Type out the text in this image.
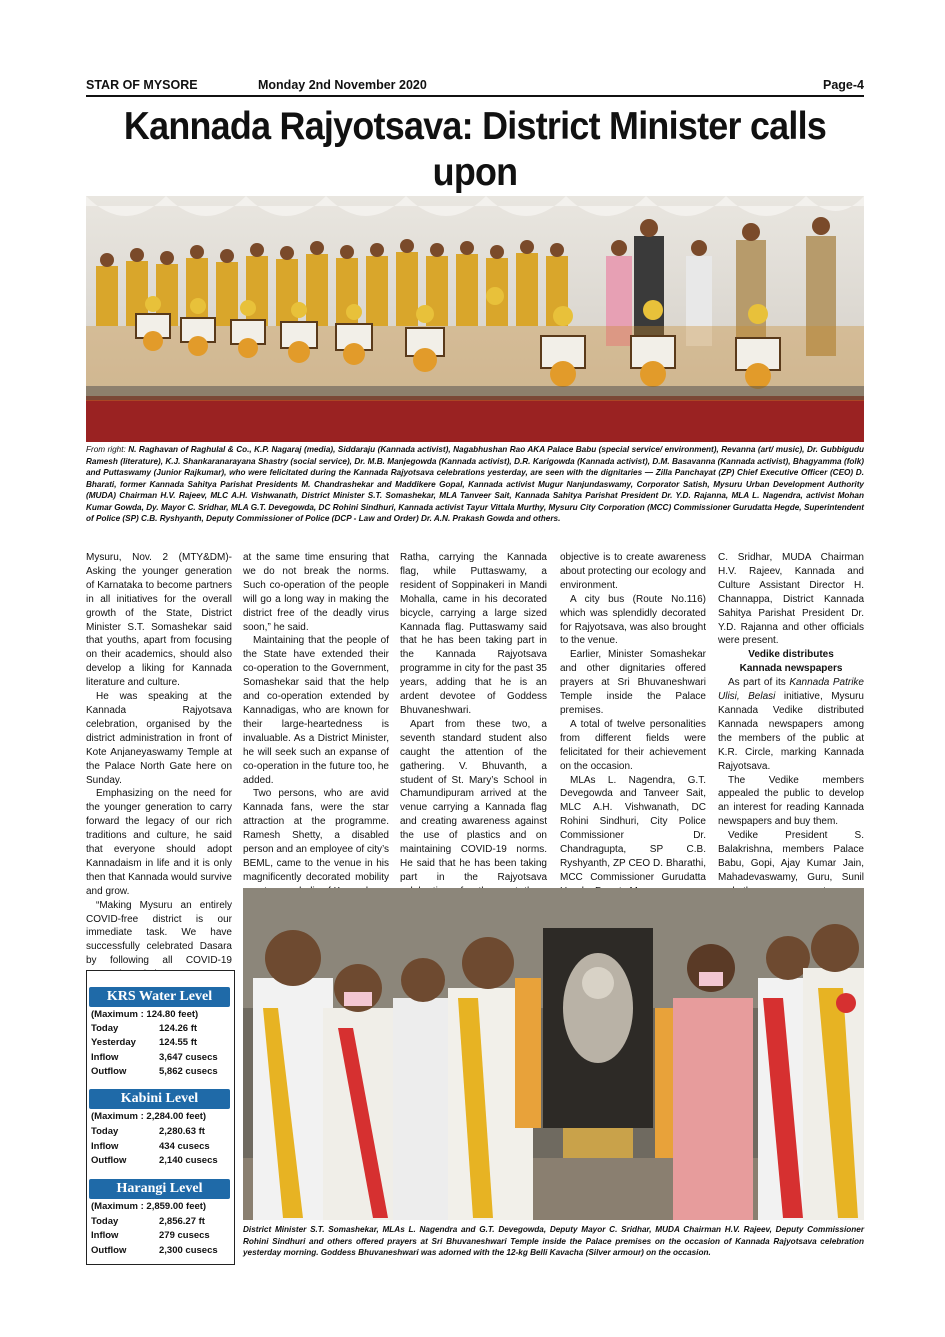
STAR OF MYSORE	Monday 2nd November 2020	Page-4
Kannada Rajyotsava: District Minister calls upon
From right: N. Raghavan of Raghulal & Co., K.P. Nagaraj (media), Siddaraju (Kannada activist), Nagabhushan Rao AKA Palace Babu (special service/ environment), Revanna (art/ music), Dr. Gubbigudu Ramesh (literature), K.J. Shankaranarayana Shastry (social service), Dr. M.B. Manjegowda (Kannada activist), D.R. Karigowda (Kannada activist), D.M. Basavanna (Kannada activist), Bhagyamma (folk) and Puttaswamy (Junior Rajkumar), who were felicitated during the Kannada Rajyotsava celebrations yesterday, are seen with the dignitaries — Zilla Panchayat (ZP) Chief Executive Officer (CEO) D. Bharati, former Kannada Sahitya Parishat Presidents M. Chandrashekar and Maddikere Gopal, Kannada activist Mugur Nanjundaswamy, Corporator Satish, Mysuru Urban Development Authority (MUDA) Chairman H.V. Rajeev, MLC A.H. Vishwanath, District Minister S.T. Somashekar, MLA Tanveer Sait, Kannada Sahitya Parishat President Dr. Y.D. Rajanna, MLA L. Nagendra, activist Mohan Kumar Gowda, Dy. Mayor C. Sridhar, MLA G.T. Devegowda, DC Rohini Sindhuri, Kannada activist Tayur Vittala Murthy, Mysuru City Corporation (MCC) Commissioner Gurudatta Hegde, Superintendent of Police (SP) C.B. Ryshyanth, Deputy Commissioner of Police (DCP - Law and Order) Dr. A.N. Prakash Gowda and others.

Mysuru, Nov. 2 (MTY&DM)- Asking the younger generation of Karnataka to become partners in all initiatives for the overall growth of the State, District Minister S.T. Somashekar said that youths, apart from focusing on their academics, should also develop a liking for Kannada literature and culture.

He was speaking at the Kannada Rajyotsava celebration, organised by the district administration in front of Kote Anjaneyaswamy Temple at the Palace North Gate here on Sunday.

Emphasizing on the need for the younger generation to carry forward the legacy of our rich traditions and culture, he said that everyone should adopt Kannadaism in life and it is only then that Kannada would survive and grow.

“Making Mysuru an entirely COVID-free district is our immediate task. We have successfully celebrated Dasara by following all COVID-19

at the same time ensuring that we do not break the norms. Such co-operation of the people will go a long way in making the district free of the deadly virus soon,” he said.

Maintaining that the people of the State have extended their co-operation to the Government, Somashekar said that the help and co-operation extended by Kannadigas, who are known for their large-heartedness is invaluable. As a District Minister, he will seek such an expanse of co-operation in the future too, he added.

Two persons, who are avid Kannada fans, were the star attraction at the programme. Ramesh Shetty, a disabled person and an employee of city’s BEML, came to the venue in his magnificently decorated mobility

Ratha, carrying the Kannada flag, while Puttaswamy, a resident of Soppinakeri in Mandi Mohalla, came in his decorated bicycle, carrying a large sized Kannada flag. Puttaswamy said that he has been taking part in the Kannada Rajyotsava programme in city for the past 35 years, adding that he is an ardent devotee of Goddess Bhuvaneshwari.

Apart from these two, a seventh standard student also caught the attention of the gathering. V. Bhuvanth, a student of St. Mary’s School in Chamundipuram arrived at the venue carrying a Kannada flag and creating awareness against the use of plastics and on maintaining COVID-19 norms. He said that he has been taking part in the Rajyotsava

objective is to create awareness about protecting our ecology and environment.

A city bus (Route No.116) which was splendidly decorated for Rajyotsava, was also brought to the venue.

Earlier, Minister Somashekar and other dignitaries offered prayers at Sri Bhuvaneshwari Temple inside the Palace premises.

A total of twelve personalities from different fields were felicitated for their achievement on the occasion.

MLAs L. Nagendra, G.T. Devegowda and Tanveer Sait, MLC A.H. Vishwanath, DC Rohini Sindhuri, City Police Commissioner Dr. Chandragupta, SP C.B. Ryshyanth, ZP CEO D. Bharathi, MCC Commissioner Gurudatta

C. Sridhar, MUDA Chairman H.V. Rajeev, Kannada and Culture Assistant Director H. Channappa, District Kannada Sahitya Parishat President Dr. Y.D. Rajanna and other officials were present.

Vedike distributes
Kannada newspapers

As part of its Kannada Patrike Ulisi, Belasi initiative, Mysuru Kannada Vedike distributed Kannada newspapers among the members of the public at K.R. Circle, marking Kannada Rajyotsava.

The Vedike members appealed the public to develop an interest for reading Kannada newspapers and buy them.

Vedike President S. Balakrishna, members Palace Babu, Gopi, Ajay Kumar Jain, Mahadevaswamy, Guru, Sunil

KRS Water Level
(Maximum : 124.80 feet)
Today	124.26 ft
Yesterday 124.55 ft
Inflow	3,647 cusecs
Outflow	5,862 cusecs
Kabini Level
(Maximum : 2,284.00 feet)
Today	2,280.63 ft
Inflow	434 cusecs
Outflow	2,140 cusecs
Harangi Level
(Maximum : 2,859.00 feet)
Today	2,856.27 ft
Inflow	279 cusecs
Outflow	2,300 cusecs
District Minister S.T. Somashekar, MLAs L. Nagendra and G.T. Devegowda, Deputy Mayor C. Sridhar, MUDA Chairman H.V. Rajeev, Deputy Commissioner Rohini Sindhuri and others offered prayers at Sri Bhuvaneshwari Temple inside the Palace premises on the occasion of Kannada Rajyotsava celebration yesterday morning. Goddess Bhuvaneshwari was adorned with the 12-kg Belli Kavacha (Silver armour) on the occasion.
